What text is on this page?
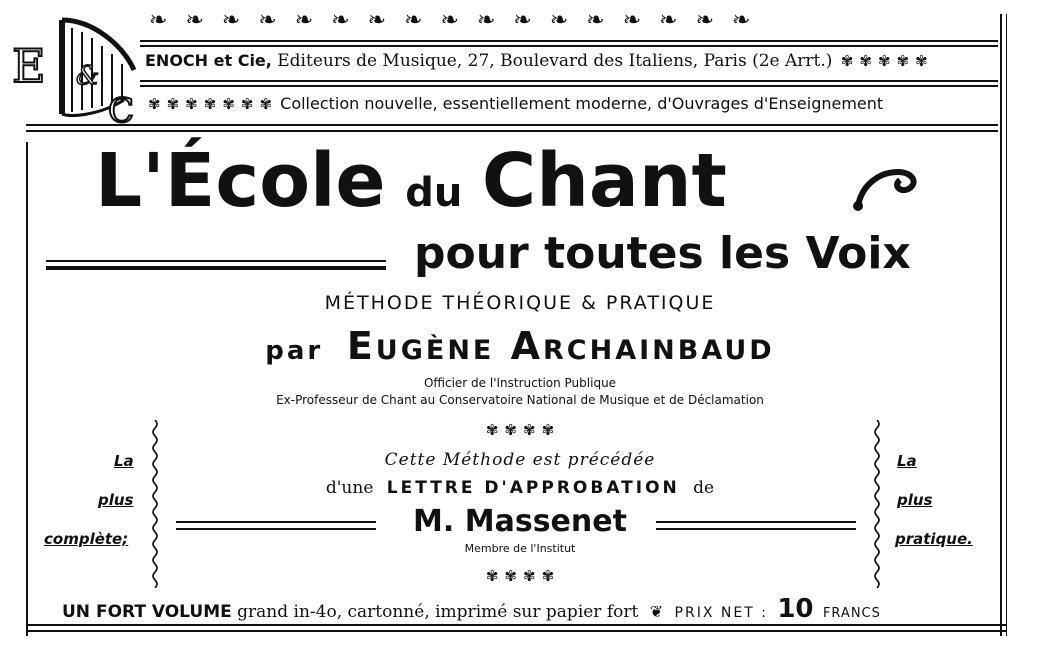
E &
C
❧ ❧ ❧ ❧ ❧ ❧ ❧ ❧ ❧ ❧ ❧ ❧ ❧ ❧ ❧ ❧ ❧
ENOCH et Cie, Editeurs de Musique, 27, Boulevard des Italiens, Paris (2e Arrt.) ✾ ✾ ✾ ✾ ✾
✾ ✾ ✾ ✾ ✾ ✾ ✾ Collection nouvelle, essentiellement moderne, d'Ouvrages d'Enseignement
L'École du Chant
pour toutes les Voix
MÉTHODE THÉORIQUE & PRATIQUE
par Eugène Archainbaud
Officier de l'Instruction Publique
Ex-Professeur de Chant au Conservatoire National de Musique et de Déclamation
✾ ✾ ✾ ✾
La
plus
complète;
La
plus
pratique.
Cette Méthode est précédée
d'une LETTRE D'APPROBATION de
M. Massenet
Membre de l'Institut
✾ ✾ ✾ ✾
UN FORT VOLUME grand in-4o, cartonné, imprimé sur papier fort ❦ PRIX NET : 10 FRANCS
